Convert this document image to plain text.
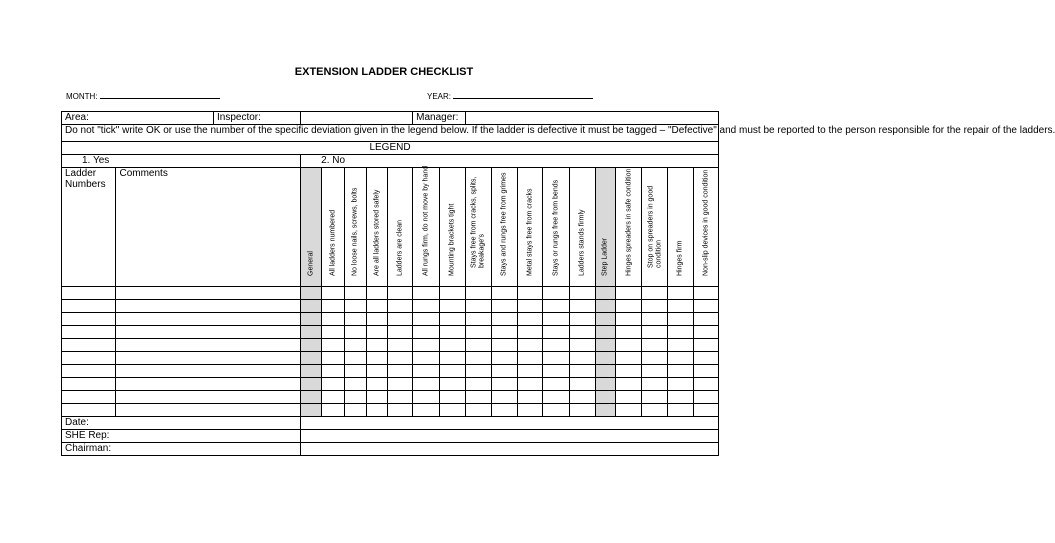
EXTENSION LADDER CHECKLIST
MONTH:	YEAR:
Area: Inspector:							Manager:											
Do not "tick" write OK or use the number of the specific deviation given in the legend below. If the ladder is defective it must be tagged – "Defective" and must be reported to the person responsible for the repair of the ladders.																		
LEGEND																		
1. Yes		2. No																
Ladder Numbers	Comments	General	All ladders numbered	No loose nails, screws, bolts	Are all ladders stored safely	Ladders are clean	All rungs firm, do not move by hand	Mounting brackets tight	Stays free from cracks, splits, breakage's	Stays and rungs free from grimes	Metal stays free from cracks	Stays or rungs free from bends	Ladders stands firmly	Step Ladder	Hinges spreaders in safe condition	Stop on spreaders in good condition	Hinges firm	Non-slip devices in good condition

Date:																		
SHE Rep:																		
Chairman:																		
